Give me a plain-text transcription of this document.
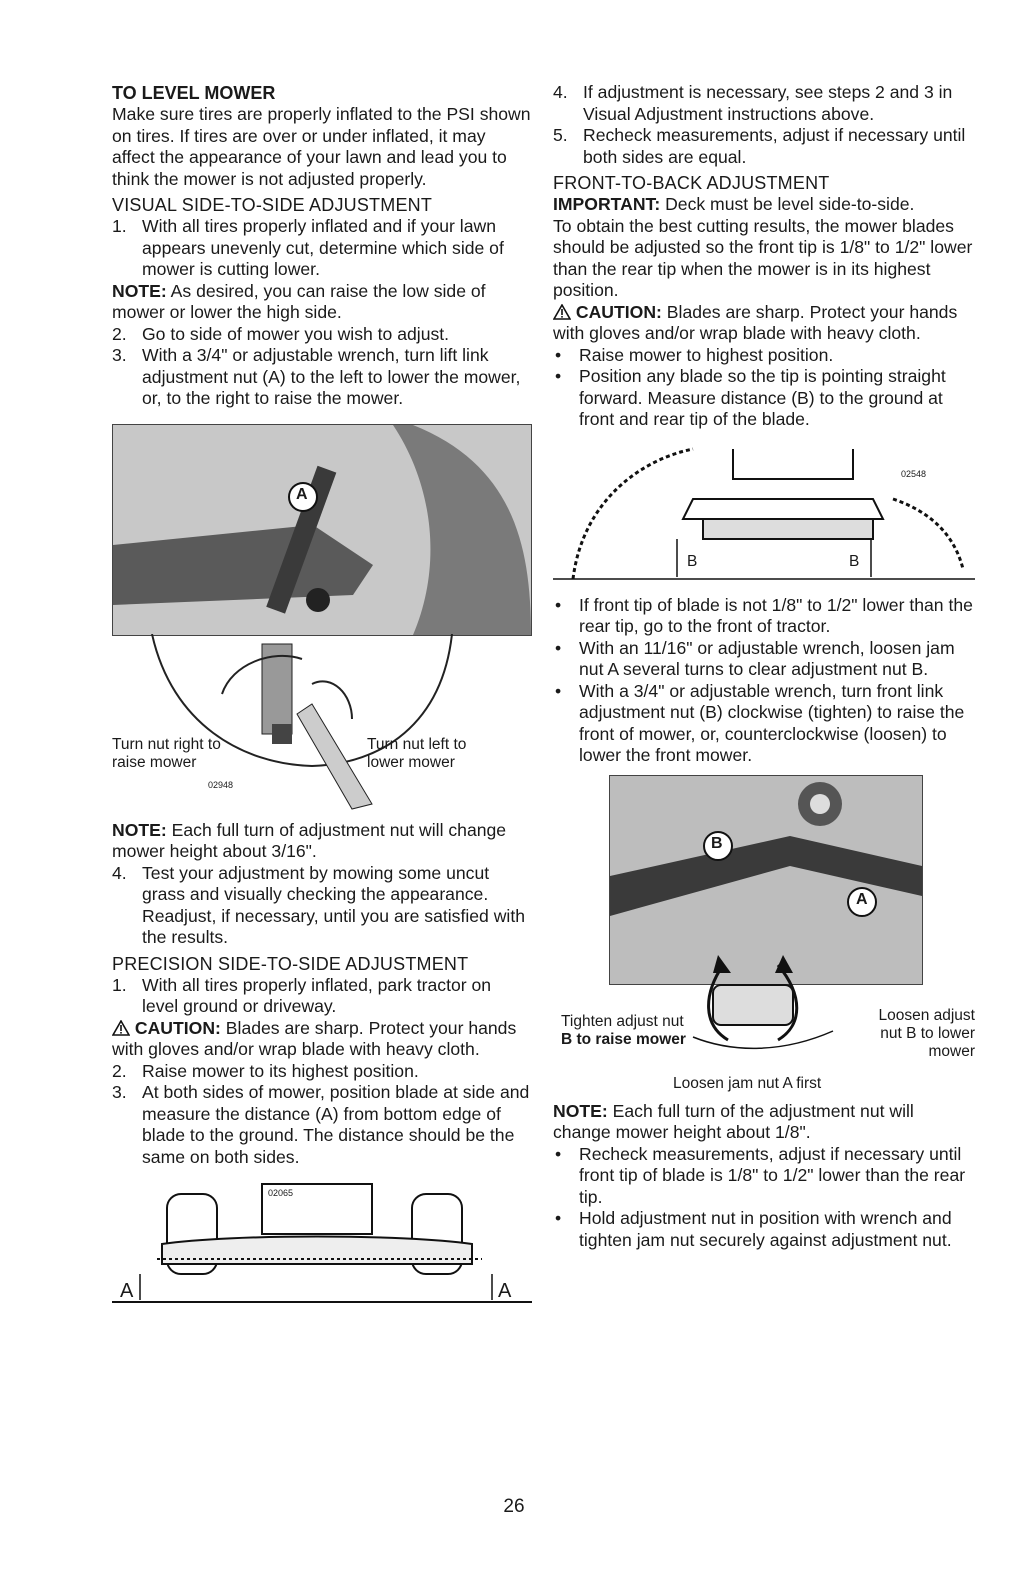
TO LEVEL MOWER

Make sure tires are properly inflated to the PSI shown on tires. If tires are over or under inflated, it may affect the appearance of your lawn and lead you to think the mower is not adjusted properly.

VISUAL SIDE-TO-SIDE ADJUSTMENT

1. With all tires properly inflated and if your lawn appears unevenly cut, determine which side of mower is cutting lower.

NOTE: As desired, you can raise the low side of mower or lower the high side.

2. Go to side of mower you wish to adjust.
3. With a 3/4" or adjustable wrench, turn lift link adjustment nut (A) to the left to lower the mower, or, to the right to raise the mower.
A
Turn nut right to raise mower
Turn nut left to lower mower
02948

NOTE: Each full turn of adjustment nut will change mower height about 3/16".

4. Test your adjustment by mowing some uncut grass and visually checking the appearance. Readjust, if necessary, until you are satisfied with the results.

PRECISION SIDE-TO-SIDE ADJUSTMENT

1. With all tires properly inflated, park tractor on level ground or driveway.

CAUTION: Blades are sharp. Protect your hands with gloves and/or wrap blade with heavy cloth.

2. Raise mower to its highest position.
3. At both sides of mower, position blade at side and measure the distance (A) from bottom edge of blade to the ground. The distance should be the same on both sides.
A	A
02065
4. If adjustment is necessary, see steps 2 and 3 in Visual Adjustment instructions above.
5. Recheck measurements, adjust if necessary until both sides are equal.

FRONT-TO-BACK ADJUSTMENT

IMPORTANT: Deck must be level side-to-side.

To obtain the best cutting results, the mower blades should be adjusted so the front tip is 1/8" to 1/2" lower than the rear tip when the mower is in its highest position.

CAUTION: Blades are sharp. Protect your hands with gloves and/or wrap blade with heavy cloth.

•	Raise mower to highest position.
•	Position any blade so the tip is pointing straight forward. Measure distance (B) to the ground at front and rear tip of the blade.
B	B
02548
•	If front tip of blade is not 1/8" to 1/2" lower than the rear tip, go to the front of tractor.
•	With an 11/16" or adjustable wrench, loosen jam nut A several turns to clear adjustment nut B.
•	With a 3/4" or adjustable wrench, turn front link adjustment nut (B) clockwise (tighten) to raise the front of mower, or, counterclockwise (loosen) to lower the front mower.
B
A
Tighten adjust nut
B to raise mower
Loosen adjust
nut B to lower
mower
Loosen jam nut A first

NOTE: Each full turn of the adjustment nut will change mower height about 1/8".

•	Recheck measurements, adjust if necessary until front tip of blade is 1/8" to 1/2" lower than the rear tip.
•	Hold adjustment nut in position with wrench and tighten jam nut securely against adjustment nut.
26
